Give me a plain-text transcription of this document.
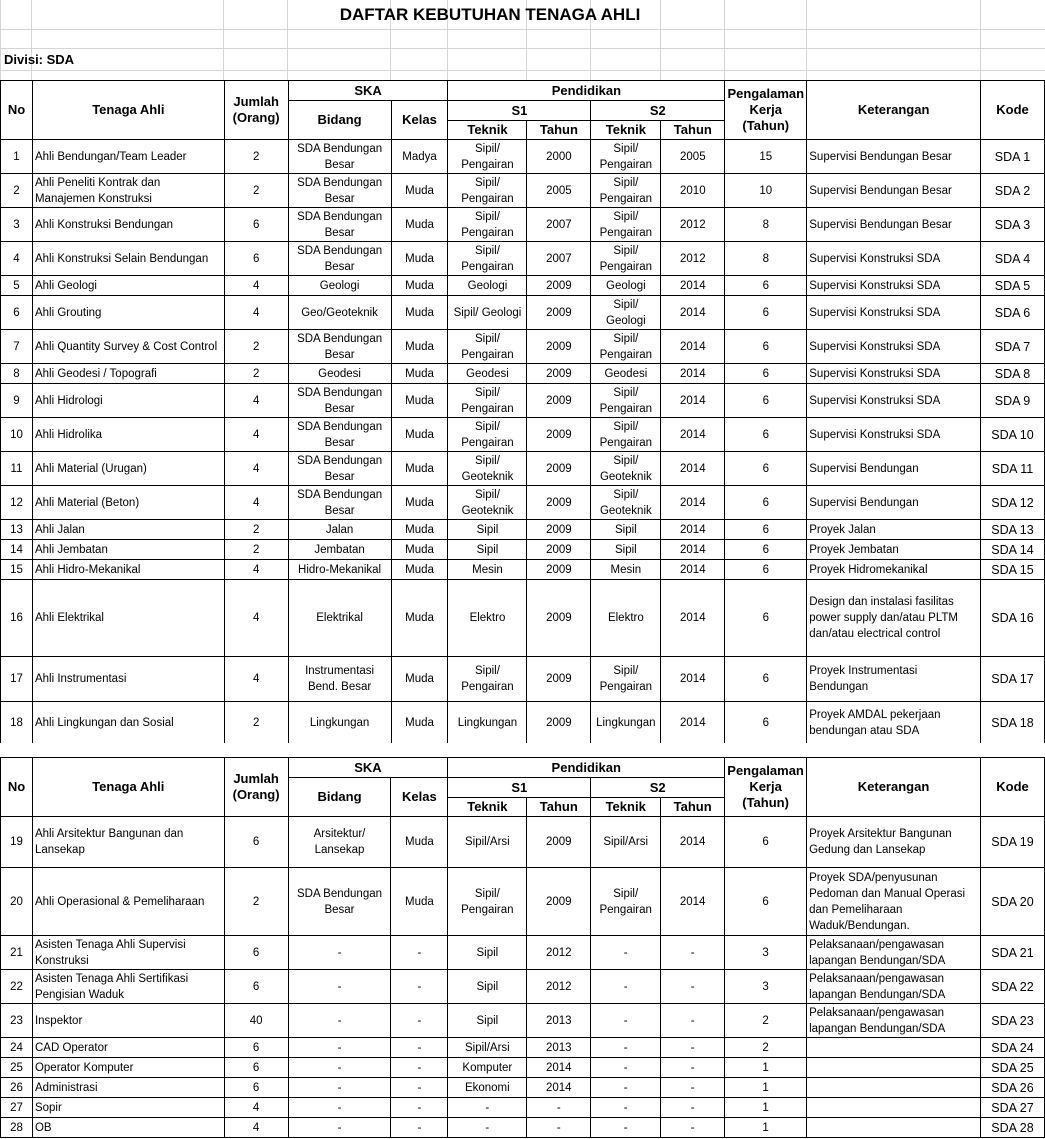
DAFTAR KEBUTUHAN TENAGA AHLI
Divisi: SDA
No	Tenaga Ahli	Jumlah (Orang)	SKA		Pendidikan				Pengalaman Kerja (Tahun)	Keterangan	Kode
			Bidang	Kelas	S1		S2				
					Teknik	Tahun	Teknik	Tahun			
1	Ahli Bendungan/Team Leader	2	SDA Bendungan Besar	Madya	Sipil/ Pengairan	2000	Sipil/ Pengairan	2005	15	Supervisi Bendungan Besar	SDA 1
2	Ahli Peneliti Kontrak dan Manajemen Konstruksi	2	SDA Bendungan Besar	Muda	Sipil/ Pengairan	2005	Sipil/ Pengairan	2010	10	Supervisi Bendungan Besar	SDA 2
3	Ahli Konstruksi Bendungan	6	SDA Bendungan Besar	Muda	Sipil/ Pengairan	2007	Sipil/ Pengairan	2012	8	Supervisi Bendungan Besar	SDA 3
4	Ahli Konstruksi Selain Bendungan	6	SDA Bendungan Besar	Muda	Sipil/ Pengairan	2007	Sipil/ Pengairan	2012	8	Supervisi Konstruksi SDA	SDA 4
5	Ahli Geologi	4	Geologi	Muda	Geologi	2009	Geologi	2014	6	Supervisi Konstruksi SDA	SDA 5
6	Ahli Grouting	4	Geo/Geoteknik	Muda	Sipil/ Geologi	2009	Sipil/ Geologi	2014	6	Supervisi Konstruksi SDA	SDA 6
7	Ahli Quantity Survey & Cost Control	2	SDA Bendungan Besar	Muda	Sipil/ Pengairan	2009	Sipil/ Pengairan	2014	6	Supervisi Konstruksi SDA	SDA 7
8	Ahli Geodesi / Topografi	2	Geodesi	Muda	Geodesi	2009	Geodesi	2014	6	Supervisi Konstruksi SDA	SDA 8
9	Ahli Hidrologi	4	SDA Bendungan Besar	Muda	Sipil/ Pengairan	2009	Sipil/ Pengairan	2014	6	Supervisi Konstruksi SDA	SDA 9
10	Ahli Hidrolika	4	SDA Bendungan Besar	Muda	Sipil/ Pengairan	2009	Sipil/ Pengairan	2014	6	Supervisi Konstruksi SDA	SDA 10
11	Ahli Material (Urugan)	4	SDA Bendungan Besar	Muda	Sipil/ Geoteknik	2009	Sipil/ Geoteknik	2014	6	Supervisi Bendungan	SDA 11
12	Ahli Material (Beton)	4	SDA Bendungan Besar	Muda	Sipil/ Geoteknik	2009	Sipil/ Geoteknik	2014	6	Supervisi Bendungan	SDA 12
13	Ahli Jalan	2	Jalan	Muda	Sipil	2009	Sipil	2014	6	Proyek Jalan	SDA 13
14	Ahli Jembatan	2	Jembatan	Muda	Sipil	2009	Sipil	2014	6	Proyek Jembatan	SDA 14
15	Ahli Hidro-Mekanikal	4	Hidro-Mekanikal	Muda	Mesin	2009	Mesin	2014	6	Proyek Hidromekanikal	SDA 15
16	Ahli Elektrikal	4	Elektrikal	Muda	Elektro	2009	Elektro	2014	6	Design dan instalasi fasilitas power supply dan/atau PLTM dan/atau electrical control	SDA 16
17	Ahli Instrumentasi	4	Instrumentasi Bend. Besar	Muda	Sipil/ Pengairan	2009	Sipil/ Pengairan	2014	6	Proyek Instrumentasi Bendungan	SDA 17
18	Ahli Lingkungan dan Sosial	2	Lingkungan	Muda	Lingkungan	2009	Lingkungan	2014	6	Proyek AMDAL pekerjaan bendungan atau SDA	SDA 18
No	Tenaga Ahli	Jumlah (Orang)	SKA		Pendidikan				Pengalaman Kerja (Tahun)	Keterangan	Kode
			Bidang	Kelas	S1		S2				
					Teknik	Tahun	Teknik	Tahun			
19	Ahli Arsitektur Bangunan dan Lansekap	6	Arsitektur/ Lansekap	Muda	Sipil/Arsi	2009	Sipil/Arsi	2014	6	Proyek Arsitektur Bangunan Gedung dan Lansekap	SDA 19
20	Ahli Operasional & Pemeliharaan	2	SDA Bendungan Besar	Muda	Sipil/ Pengairan	2009	Sipil/ Pengairan	2014	6	Proyek SDA/penyusunan Pedoman dan Manual Operasi dan Pemeliharaan Waduk/Bendungan.	SDA 20
21	Asisten Tenaga Ahli Supervisi Konstruksi	6	-	-	Sipil	2012	-	-	3	Pelaksanaan/pengawasan lapangan Bendungan/SDA	SDA 21
22	Asisten Tenaga Ahli Sertifikasi Pengisian Waduk	6	-	-	Sipil	2012	-	-	3	Pelaksanaan/pengawasan lapangan Bendungan/SDA	SDA 22
23	Inspektor	40	-	-	Sipil	2013	-	-	2	Pelaksanaan/pengawasan lapangan Bendungan/SDA	SDA 23
24	CAD Operator	6	-	-	Sipil/Arsi	2013	-	-	2		SDA 24
25	Operator Komputer	6	-	-	Komputer	2014	-	-	1		SDA 25
26	Administrasi	6	-	-	Ekonomi	2014	-	-	1		SDA 26
27	Sopir	4	-	-	-	-	-	-	1		SDA 27
28	OB	4	-	-	-	-	-	-	1		SDA 28
